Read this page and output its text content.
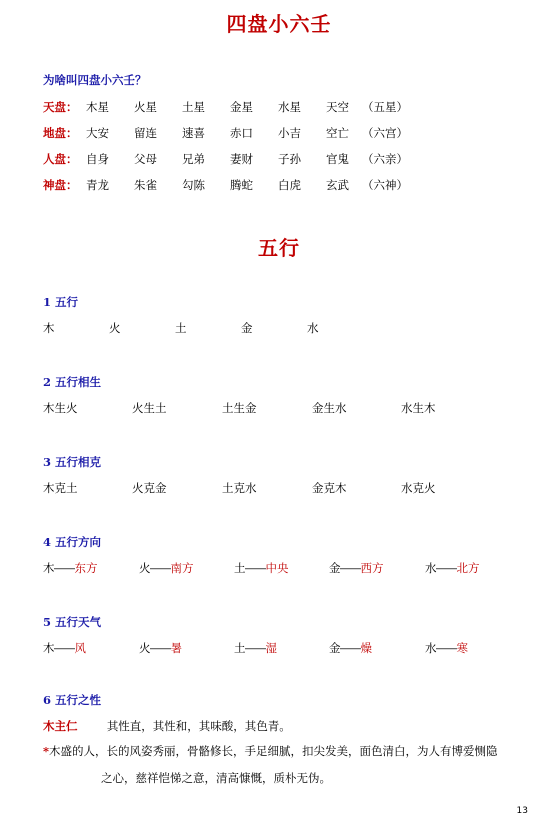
四盘小六壬
为啥叫四盘小六壬？
天盘： 木星 火星 土星 金星 水星 天空 （五星）
地盘： 大安 留连 速喜 赤口 小吉 空亡 （六宫）
人盘： 自身 父母 兄弟 妻财 子孙 官鬼 （六亲）
神盘： 青龙 朱雀 勾陈 腾蛇 白虎 玄武 （六神）
五行
1 五行
木	火	土	金	水
2 五行相生
木生火	火生土	土生金	金生水	水生木
3 五行相克
木克土	火克金	土克水	金克木	水克火
4 五行方向
木——东方	火——南方	土——中央	金——西方	水——北方
5 五行天气
木——风	火——暑	土——湿	金——燥	水——寒
6 五行之性
木主仁	其性直，其性和，其味酸，其色青。
*木盛的人，长的风姿秀丽，骨骼修长，手足细腻，扣尖发美，面色清白，为人有博爱恻隐
之心，慈祥恺悌之意，清高慷慨，质朴无伪。
13
